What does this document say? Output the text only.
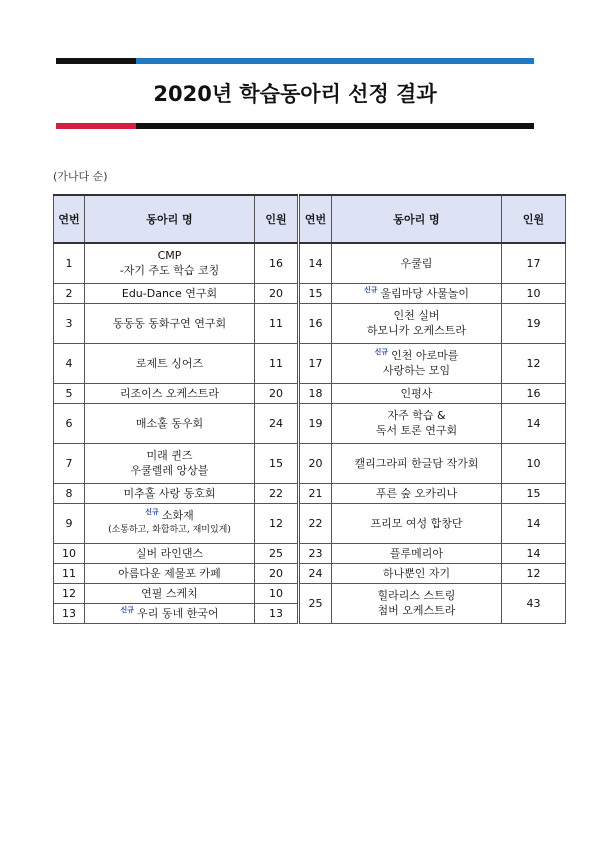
2020년 학습동아리 선정 결과
(가나다 순)
연번	동아리 명	인원
1	CMP
-자기 주도 학습 코칭	16
2	Edu-Dance 연구회	20
3	동동동 동화구연 연구회	11
4	로제트 싱어즈	11
5	리조이스 오케스트라	20
6	매소홀 동우회	24
7	미래 퀸즈
우쿨렐레 앙상블	15
8	미추홀 사랑 동호회	22
9	$^{신규}$ 소화재
(소통하고, 화합하고, 재미있게)	12
10	실버 라인댄스	25
11	아름다운 제물포 카페	20
12	연필 스케치	10
13	$^{신규}$ 우리 동네 한국어	13
연번	동아리 명	인원
14	우쿨림	17
15	$^{신규}$ 울림마당 사물놀이	10
16	인천 실버
하모니카 오케스트라	19
17	$^{신규}$ 인천 아로마를
사랑하는 모임	12
18	인평사	16
19	자주 학습 &
독서 토론 연구회	14
20	캘리그라피 한글담 작가회	10
21	푸른 숲 오카리나	15
22	프리모 여성 합창단	14
23	플루메리아	14
24	하나뿐인 자기	12
25	힐라리스 스트링
첨버 오케스트라	43
